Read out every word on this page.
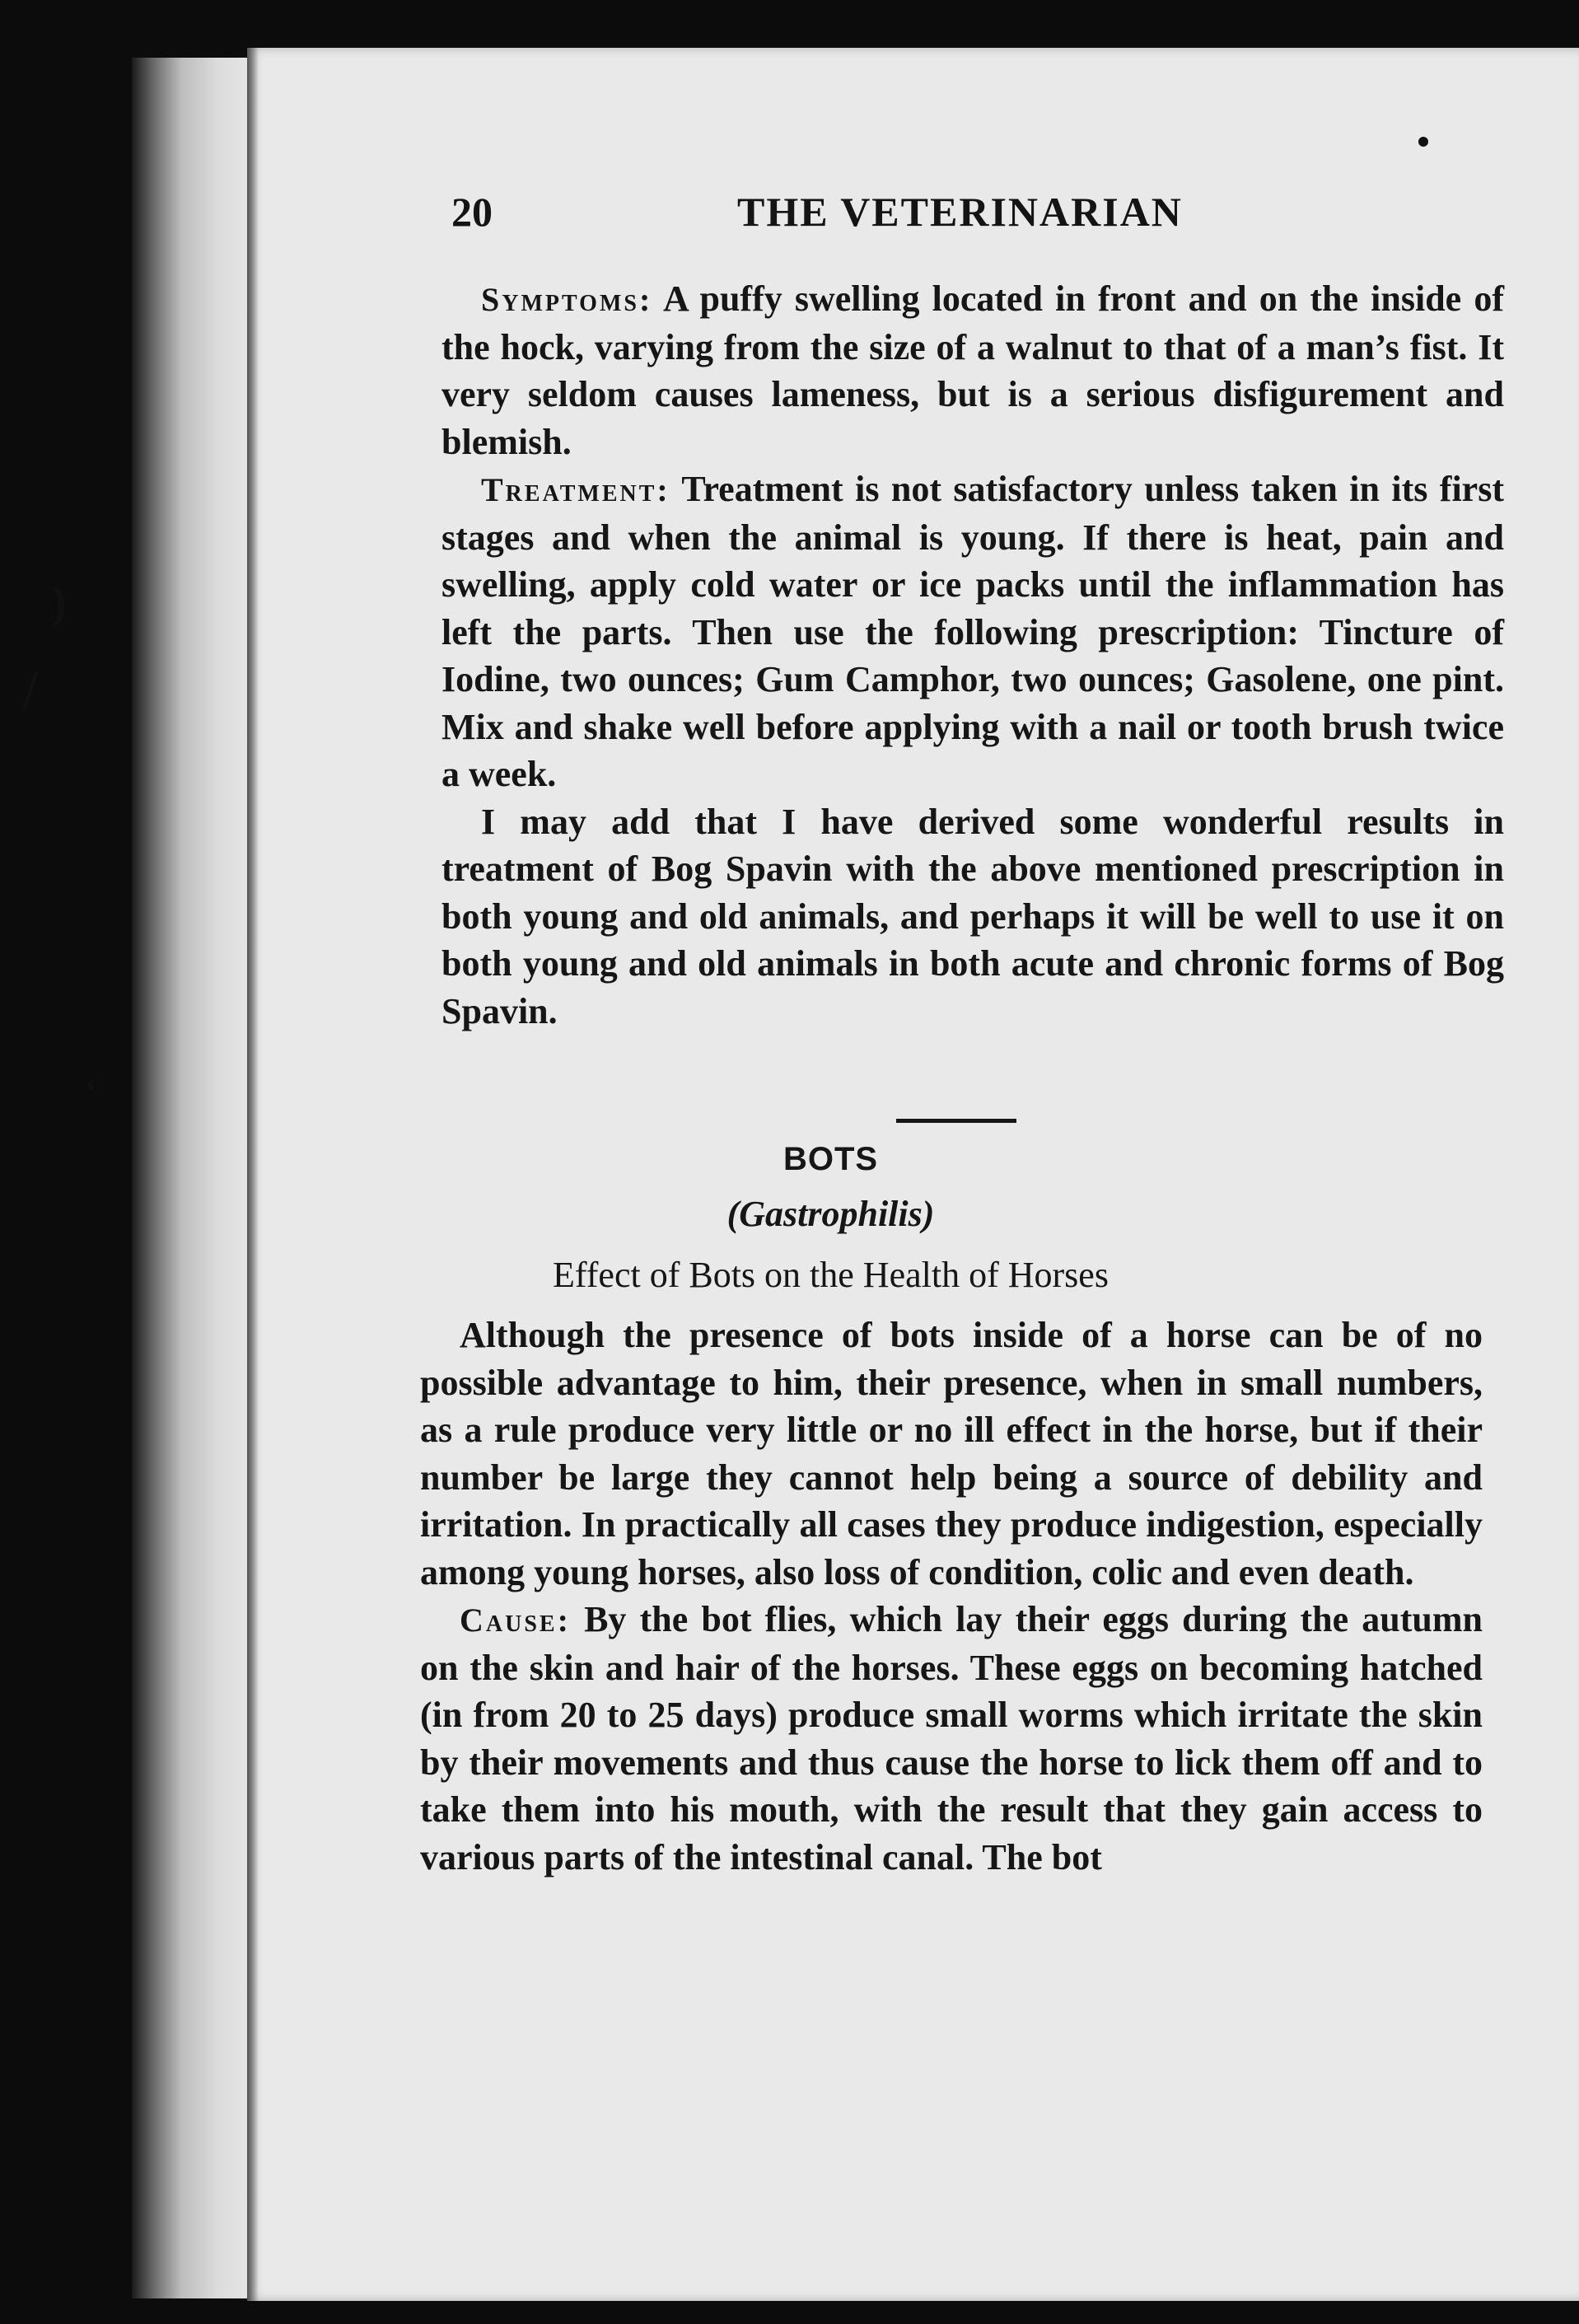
)
/
‘
20	THE VETERINARIAN

Symptoms: A puffy swelling located in front and on the inside of the hock, varying from the size of a walnut to that of a man’s fist. It very seldom causes lameness, but is a serious disfigurement and blemish.

Treatment: Treatment is not satisfactory unless taken in its first stages and when the animal is young. If there is heat, pain and swelling, apply cold water or ice packs until the inflammation has left the parts. Then use the following prescription: Tincture of Iodine, two ounces; Gum Camphor, two ounces; Gasolene, one pint. Mix and shake well before applying with a nail or tooth brush twice a week.

I may add that I have derived some wonderful results in treatment of Bog Spavin with the above mentioned prescription in both young and old animals, and perhaps it will be well to use it on both young and old animals in both acute and chronic forms of Bog Spavin.

BOTS
(Gastrophilis)
Effect of Bots on the Health of Horses

Although the presence of bots inside of a horse can be of no possible advantage to him, their presence, when in small numbers, as a rule produce very little or no ill effect in the horse, but if their number be large they cannot help being a source of debility and irritation. In practically all cases they produce indigestion, especially among young horses, also loss of condition, colic and even death.

Cause: By the bot flies, which lay their eggs during the autumn on the skin and hair of the horses. These eggs on becoming hatched (in from 20 to 25 days) produce small worms which irritate the skin by their movements and thus cause the horse to lick them off and to take them into his mouth, with the result that they gain access to various parts of the intestinal canal. The bot
